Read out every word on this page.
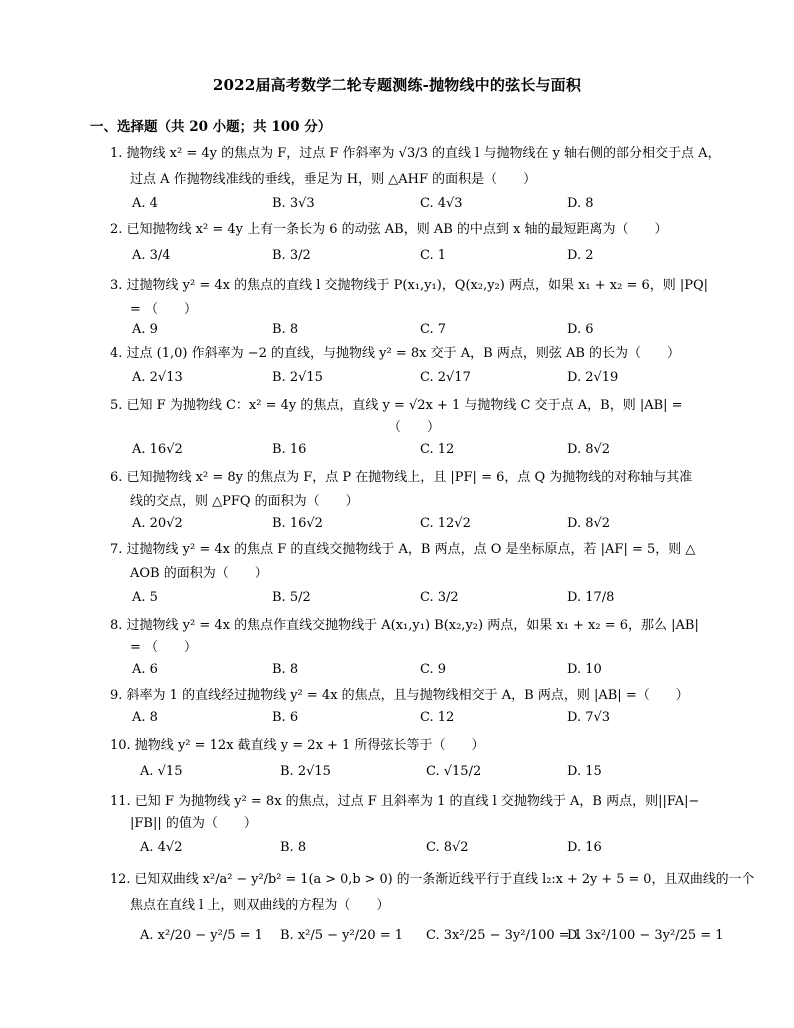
2022届高考数学二轮专题测练-抛物线中的弦长与面积
一、选择题（共 20 小题；共 100 分）
1. 抛物线 x² = 4y 的焦点为 F，过点 F 作斜率为 √3/3 的直线 l 与抛物线在 y 轴右侧的部分相交于点 A，
过点 A 作抛物线准线的垂线，垂足为 H，则 △AHF 的面积是（　　）
A. 4	B. 3√3	C. 4√3	D. 8
2. 已知抛物线 x² = 4y 上有一条长为 6 的动弦 AB，则 AB 的中点到 x 轴的最短距离为（　　）
A. 3/4	B. 3/2	C. 1	D. 2
3. 过抛物线 y² = 4x 的焦点的直线 l 交抛物线于 P(x₁,y₁)，Q(x₂,y₂) 两点，如果 x₁ + x₂ = 6，则 |PQ|
= （　　）
A. 9	B. 8	C. 7	D. 6
4. 过点 (1,0) 作斜率为 −2 的直线，与抛物线 y² = 8x 交于 A，B 两点，则弦 AB 的长为（　　）
A. 2√13	B. 2√15	C. 2√17	D. 2√19
5. 已知 F 为抛物线 C：x² = 4y 的焦点，直线 y = √2x + 1 与抛物线 C 交于点 A，B，则 |AB| =
（　　）
A. 16√2	B. 16	C. 12	D. 8√2
6. 已知抛物线 x² = 8y 的焦点为 F，点 P 在抛物线上，且 |PF| = 6，点 Q 为抛物线的对称轴与其准
线的交点，则 △PFQ 的面积为（　　）
A. 20√2	B. 16√2	C. 12√2	D. 8√2
7. 过抛物线 y² = 4x 的焦点 F 的直线交抛物线于 A，B 两点，点 O 是坐标原点，若 |AF| = 5，则 △
AOB 的面积为（　　）
A. 5	B. 5/2	C. 3/2	D. 17/8
8. 过抛物线 y² = 4x 的焦点作直线交抛物线于 A(x₁,y₁) B(x₂,y₂) 两点，如果 x₁ + x₂ = 6，那么 |AB|
= （　　）
A. 6	B. 8	C. 9	D. 10
9. 斜率为 1 的直线经过抛物线 y² = 4x 的焦点，且与抛物线相交于 A，B 两点，则 |AB| =（　　）
A. 8	B. 6	C. 12	D. 7√3
10. 抛物线 y² = 12x 截直线 y = 2x + 1 所得弦长等于（　　）
A. √15	B. 2√15	C. √15/2	D. 15
11. 已知 F 为抛物线 y² = 8x 的焦点，过点 F 且斜率为 1 的直线 l 交抛物线于 A，B 两点，则||FA|−
|FB|| 的值为（　　）
A. 4√2	B. 8	C. 8√2	D. 16
12. 已知双曲线 x²/a² − y²/b² = 1(a > 0,b > 0) 的一条渐近线平行于直线 l₂:x + 2y + 5 = 0，且双曲线的一个
焦点在直线 l 上，则双曲线的方程为（　　）
A. x²/20 − y²/5 = 1 B. x²/5 − y²/20 = 1 C. 3x²/25 − 3y²/100 = 1
D. 3x²/100 − 3y²/25 = 1
